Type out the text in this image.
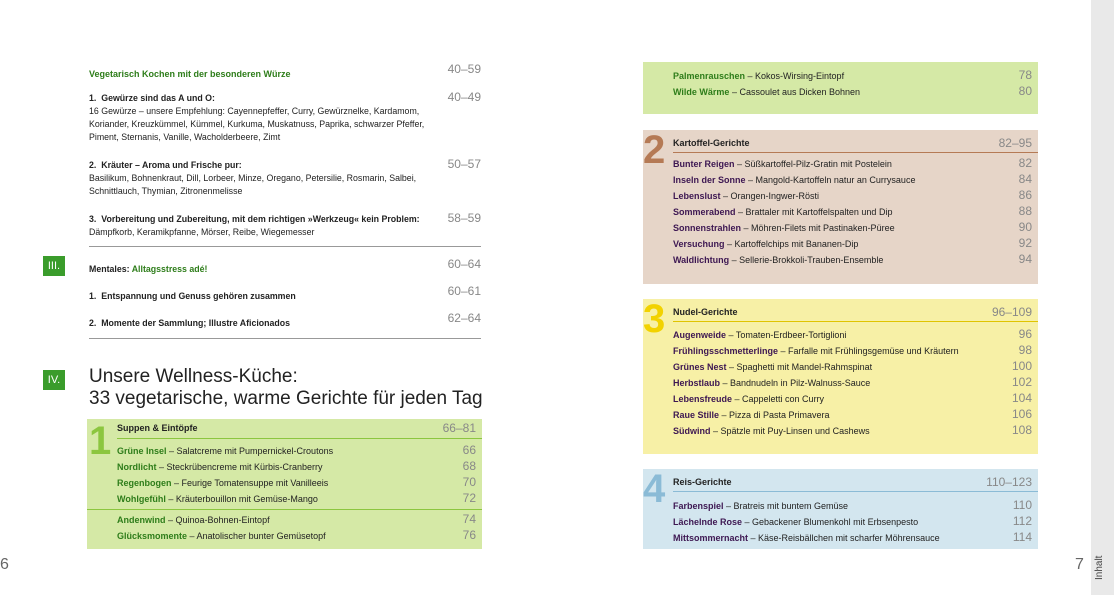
Vegetarisch Kochen mit der besonderen Würze	40–59
1. Gewürze sind das A und O:	40–49
16 Gewürze – unsere Empfehlung: Cayennepfeffer, Curry, Gewürznelke, Kardamom,
Koriander, Kreuzkümmel, Kümmel, Kurkuma, Muskatnuss, Paprika, schwarzer Pfeffer,
Piment, Sternanis, Vanille, Wacholderbeere, Zimt
2. Kräuter – Aroma und Frische pur:	50–57
Basilikum, Bohnenkraut, Dill, Lorbeer, Minze, Oregano, Petersilie, Rosmarin, Salbei,
Schnittlauch, Thymian, Zitronenmelisse
3. Vorbereitung und Zubereitung, mit dem richtigen »Werkzeug« kein Problem:	58–59
Dämpfkorb, Keramikpfanne, Mörser, Reibe, Wiegemesser
III.	Mentales: Alltagsstress adé!	60–64
1. Entspannung und Genuss gehören zusammen	60–61
2. Momente der Sammlung; Illustre Aficionados	62–64
IV. Unsere Wellness-Küche:
33 vegetarische, warme Gerichte für jeden Tag
1 Suppen & Eintöpfe	66–81
Grüne Insel – Salatcreme mit Pumpernickel-Croutons	66
Nordlicht – Steckrübencreme mit Kürbis-Cranberry	68
Regenbogen – Feurige Tomatensuppe mit Vanilleeis	70
Wohlgefühl – Kräuterbouillon mit Gemüse-Mango	72
Andenwind – Quinoa-Bohnen-Eintopf	74
Glücksmomente – Anatolischer bunter Gemüsetopf	76
6
Palmenrauschen – Kokos-Wirsing-Eintopf	78
Wilde Wärme – Cassoulet aus Dicken Bohnen	80
2 Kartoffel-Gerichte	82–95
Bunter Reigen – Süßkartoffel-Pilz-Gratin mit Postelein	82
Inseln der Sonne – Mangold-Kartoffeln natur an Currysauce	84
Lebenslust – Orangen-Ingwer-Rösti	86
Sommerabend – Brattaler mit Kartoffelspalten und Dip	88
Sonnenstrahlen – Möhren-Filets mit Pastinaken-Püree	90
Versuchung – Kartoffelchips mit Bananen-Dip	92
Waldlichtung – Sellerie-Brokkoli-Trauben-Ensemble	94
3 Nudel-Gerichte	96–109
Augenweide – Tomaten-Erdbeer-Tortiglioni	96
Frühlingsschmetterlinge – Farfalle mit Frühlingsgemüse und Kräutern	98
Grünes Nest – Spaghetti mit Mandel-Rahmspinat	100
Herbstlaub – Bandnudeln in Pilz-Walnuss-Sauce	102
Lebensfreude – Cappeletti con Curry	104
Raue Stille – Pizza di Pasta Primavera	106
Südwind – Spätzle mit Puy-Linsen und Cashews	108
4 Reis-Gerichte	110–123
Farbenspiel – Bratreis mit buntem Gemüse	110
Lächelnde Rose – Gebackener Blumenkohl mit Erbsenpesto	112
Mittsommernacht – Käse-Reisbällchen mit scharfer Möhrensauce	114
Inhalt
7
